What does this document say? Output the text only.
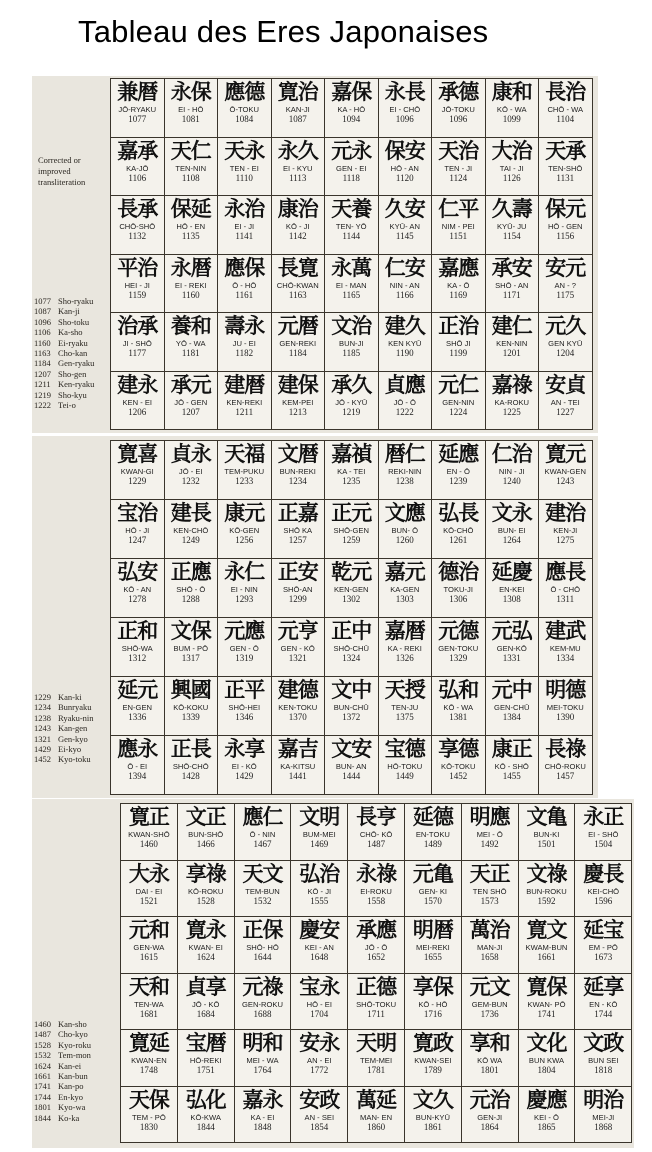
Tableau des Eres Japonaises
Corrected or improved transliteration
1077 Sho-ryaku
1087 Kan-ji
1096 Sho-toku
1106 Ka-sho
1160 Ei-ryaku
1163 Cho-kan
1184 Gen-ryaku
1207 Sho-gen
1211 Ken-ryaku
1219 Sho-kyu
1222 Tei-o
兼暦
JŌ-RYAKU
1077
永保
EI - HŌ
1081
應德
Ō-TOKU
1084
寛治
KAN-JI
1087
嘉保
KA - HŌ
1094
永長
EI - CHŌ
1096
承德
JŌ-TOKU
1096
康和
KŌ - WA
1099
長治
CHŌ - WA
1104
嘉承
KA-JŌ
1106
天仁
TEN-NIN
1108
天永
TEN - EI
1110
永久
EI - KYU
1113
元永
GEN - EI
1118
保安
HŌ - AN
1120
天治
TEN - JI
1124
大治
TAI - JI
1126
天承
TEN-SHŌ
1131
長承
CHŌ-SHŌ
1132
保延
HŌ - EN
1135
永治
EI - JI
1141
康治
KŌ - JI
1142
天養
TEN- YŌ
1144
久安
KYŪ- AN
1145
仁平
NIM - PEI
1151
久壽
KYŪ- JU
1154
保元
HŌ - GEN
1156
平治
HEI - JI
1159
永暦
EI - REKI
1160
應保
Ō - HŌ
1161
長寛
CHŌ-KWAN
1163
永萬
EI - MAN
1165
仁安
NIN - AN
1166
嘉應
KA - Ō
1169
承安
SHŌ - AN
1171
安元
AN - ?
1175
治承
JI - SHŌ
1177
養和
YŌ - WA
1181
壽永
JU - EI
1182
元暦
GEN-REKI
1184
文治
BUN-JI
1185
建久
KEN KYŪ
1190
正治
SHŌ JI
1199
建仁
KEN-NIN
1201
元久
GEN KYŪ
1204
建永
KEN - EI
1206
承元
JŌ - GEN
1207
建暦
KEN-REKI
1211
建保
KEM-PEI
1213
承久
JŌ - KYŪ
1219
貞應
JŌ - Ō
1222
元仁
GEN-NIN
1224
嘉祿
KA-ROKU
1225
安貞
AN - TEI
1227
1229 Kan-ki
1234 Bunryaku
1238 Ryaku-nin
1243 Kan-gen
1321 Gen-kyo
1429 Ei-kyo
1452 Kyo-toku
寛喜
KWAN-GI
1229
貞永
JŌ - EI
1232
天福
TEM-PUKU
1233
文暦
BUN-REKI
1234
嘉禎
KA - TEI
1235
暦仁
REKI-NIN
1238
延應
EN - Ō
1239
仁治
NIN - JI
1240
寛元
KWAN-GEN
1243
宝治
HŌ - JI
1247
建長
KEN-CHŌ
1249
康元
KŌ-GEN
1256
正嘉
SHŌ KA
1257
正元
SHŌ-GEN
1259
文應
BUN- Ō
1260
弘長
KŌ-CHŌ
1261
文永
BUN- EI
1264
建治
KEN-JI
1275
弘安
KŌ - AN
1278
正應
SHŌ - Ō
1288
永仁
EI - NIN
1293
正安
SHŌ-AN
1299
乾元
KEN-GEN
1302
嘉元
KA-GEN
1303
德治
TOKU-JI
1306
延慶
EN-KEI
1308
應長
Ō - CHŌ
1311
正和
SHŌ-WA
1312
文保
BUM - PŌ
1317
元應
GEN - Ō
1319
元亨
GEN - KŌ
1321
正中
SHŌ-CHŪ
1324
嘉暦
KA - REKI
1326
元德
GEN-TOKU
1329
元弘
GEN-KŌ
1331
建武
KEM-MU
1334
延元
EN-GEN
1336
興國
KŌ-KOKU
1339
正平
SHŌ-HEI
1346
建德
KEN-TOKU
1370
文中
BUN-CHŪ
1372
天授
TEN-JU
1375
弘和
KŌ - WA
1381
元中
GEN-CHŪ
1384
明德
MEI-TOKU
1390
應永
Ō - EI
1394
正長
SHŌ-CHŌ
1428
永享
EI - KŌ
1429
嘉吉
KA-KITSU
1441
文安
BUN- AN
1444
宝德
HŌ-TOKU
1449
享德
KŌ-TOKU
1452
康正
KŌ - SHŌ
1455
長祿
CHŌ-ROKU
1457
1460 Kan-sho
1487 Cho-kyo
1528 Kyo-roku
1532 Tem-mon
1624 Kan-ei
1661 Kan-bun
1741 Kan-po
1744 En-kyo
1801 Kyo-wa
1844 Ko-ka
寛正
KWAN-SHŌ
1460
文正
BUN-SHŌ
1466
應仁
Ō - NIN
1467
文明
BUM-MEI
1469
長亨
CHŌ- KŌ
1487
延德
EN-TOKU
1489
明應
MEI - Ō
1492
文亀
BUN-KI
1501
永正
EI - SHŌ
1504
大永
DAI - EI
1521
享祿
KŌ-ROKU
1528
天文
TEM-BUN
1532
弘治
KŌ - JI
1555
永祿
EI-ROKU
1558
元亀
GEN- KI
1570
天正
TEN SHŌ
1573
文祿
BUN-ROKU
1592
慶長
KEI-CHŌ
1596
元和
GEN-WA
1615
寛永
KWAN- EI
1624
正保
SHŌ- HŌ
1644
慶安
KEI - AN
1648
承應
JŌ - Ō
1652
明暦
MEI-REKI
1655
萬治
MAN-JI
1658
寛文
KWAM-BUN
1661
延宝
EM - PŌ
1673
天和
TEN-WA
1681
貞享
JŌ - KŌ
1684
元祿
GEN-ROKU
1688
宝永
HŌ - EI
1704
正德
SHŌ-TOKU
1711
享保
KŌ - HŌ
1716
元文
GEM-BUN
1736
寛保
KWAN- PŌ
1741
延享
EN - KŌ
1744
寛延
KWAN-EN
1748
宝暦
HŌ-REKI
1751
明和
MEI - WA
1764
安永
AN - EI
1772
天明
TEM-MEI
1781
寛政
KWAN-SEI
1789
享和
KŌ WA
1801
文化
BUN KWA
1804
文政
BUN SEI
1818
天保
TEM - PŌ
1830
弘化
KŌ-KWA
1844
嘉永
KA - EI
1848
安政
AN - SEI
1854
萬延
MAN- EN
1860
文久
BUN-KYŪ
1861
元治
GEN-JI
1864
慶應
KEI - Ō
1865
明治
MEI-JI
1868
